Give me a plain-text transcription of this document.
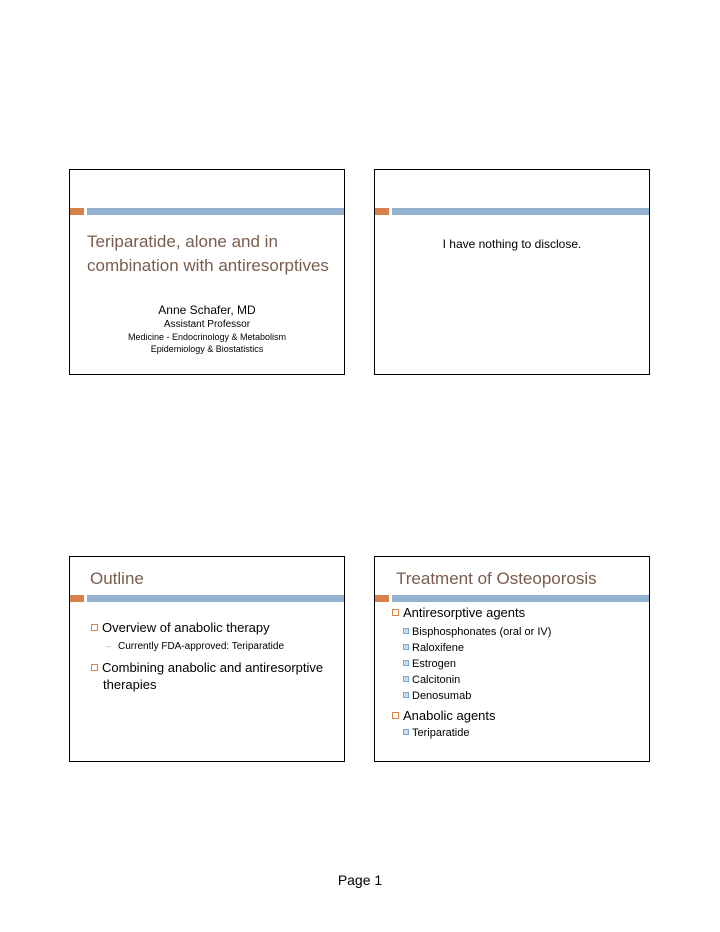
Teriparatide, alone and in
combination with antiresorptives
Anne Schafer, MD
Assistant Professor
Medicine - Endocrinology & Metabolism
Epidemiology & Biostatistics
I have nothing to disclose.
Outline
Overview of anabolic therapy
– Currently FDA-approved: Teriparatide
Combining anabolic and antiresorptive
therapies
Treatment of Osteoporosis
Antiresorptive agents
Bisphosphonates (oral or IV)
Raloxifene
Estrogen
Calcitonin
Denosumab
Anabolic agents
Teriparatide
Page 1
